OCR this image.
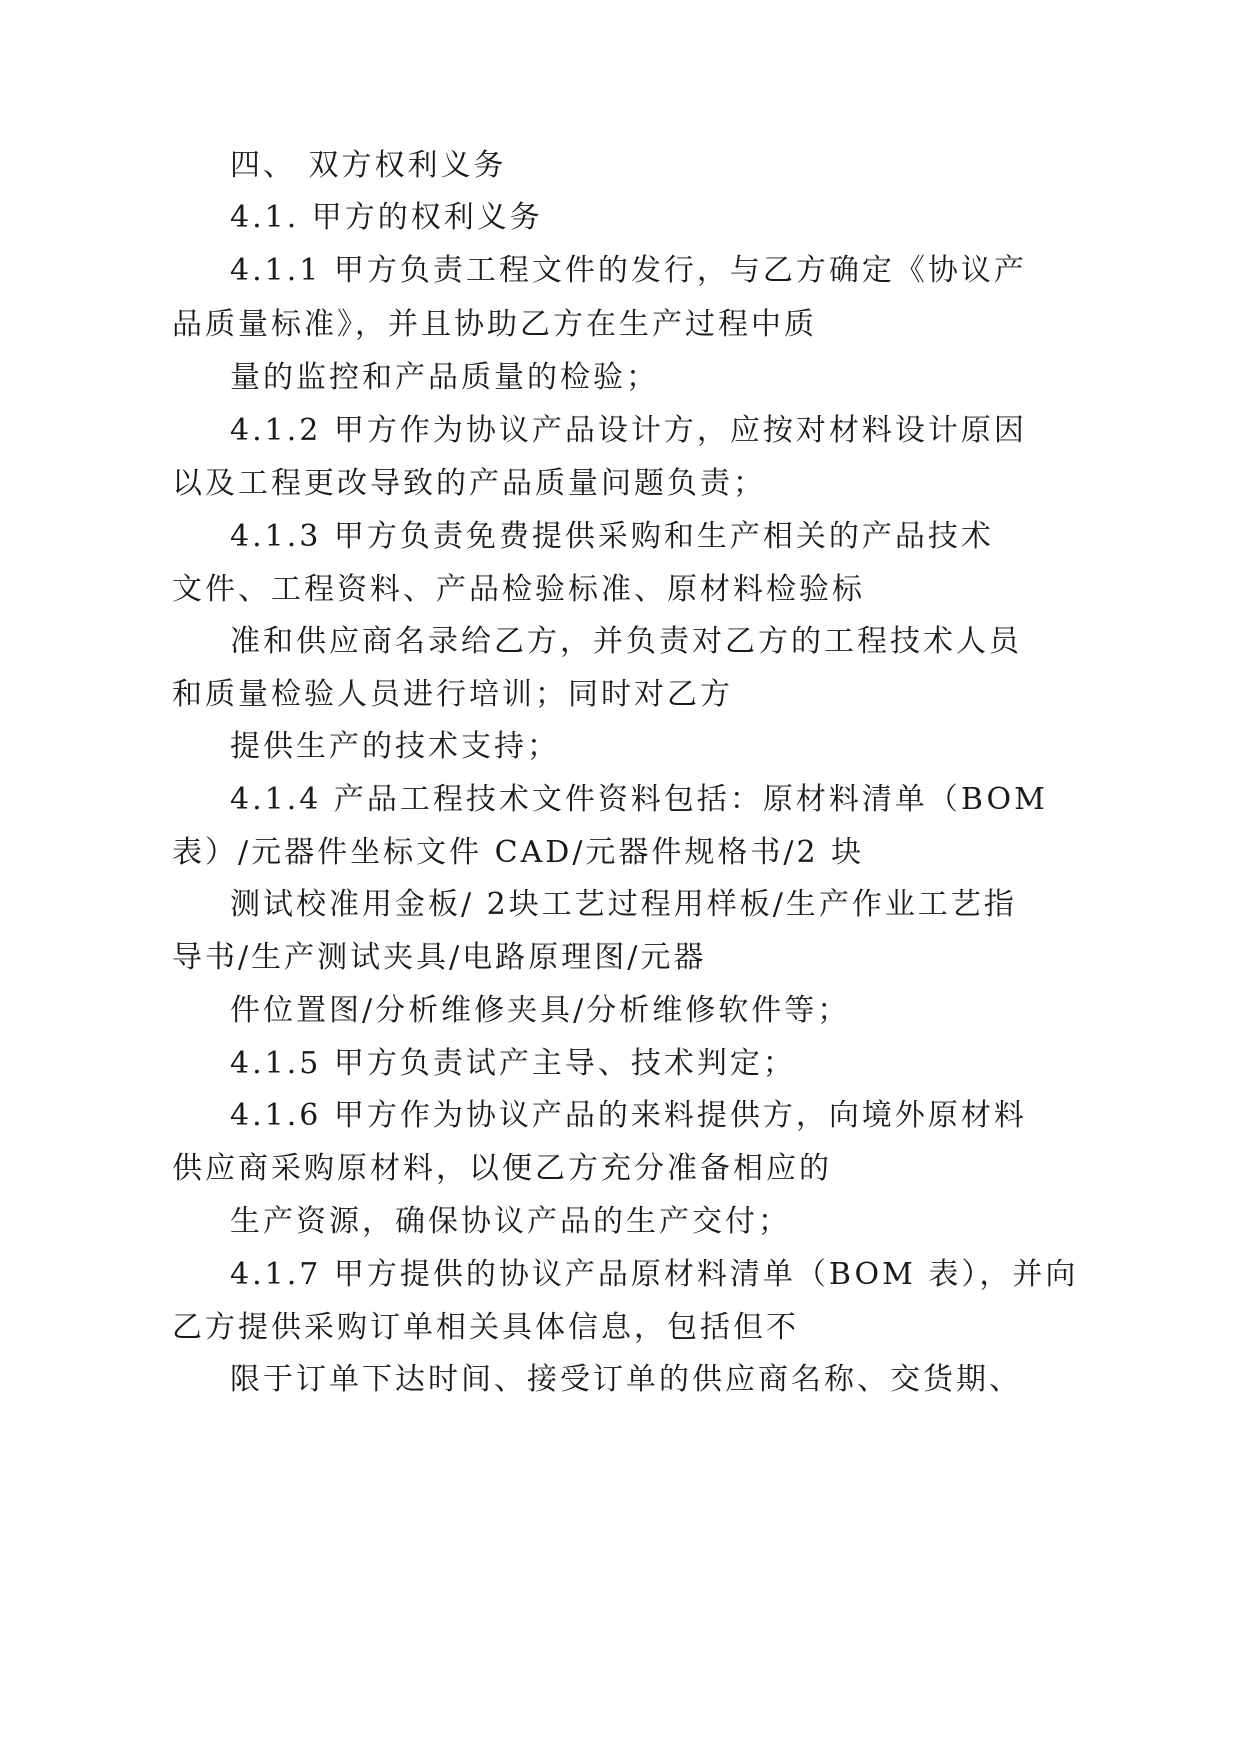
四、 双方权利义务

4.1. 甲方的权利义务

4.1.1 甲方负责工程文件的发行，与乙方确定《协议产

品质量标准》，并且协助乙方在生产过程中质

量的监控和产品质量的检验；

4.1.2 甲方作为协议产品设计方，应按对材料设计原因

以及工程更改导致的产品质量问题负责；

4.1.3 甲方负责免费提供采购和生产相关的产品技术

文件、工程资料、产品检验标准、原材料检验标

准和供应商名录给乙方，并负责对乙方的工程技术人员

和质量检验人员进行培训；同时对乙方

提供生产的技术支持；

4.1.4 产品工程技术文件资料包括：原材料清单（BOM

表）/元器件坐标文件 CAD/元器件规格书/2 块

测试校准用金板/ 2块工艺过程用样板/生产作业工艺指

导书/生产测试夹具/电路原理图/元器

件位置图/分析维修夹具/分析维修软件等；

4.1.5 甲方负责试产主导、技术判定；

4.1.6 甲方作为协议产品的来料提供方，向境外原材料

供应商采购原材料，以便乙方充分准备相应的

生产资源，确保协议产品的生产交付；

4.1.7 甲方提供的协议产品原材料清单（BOM 表），并向

乙方提供采购订单相关具体信息，包括但不

限于订单下达时间、接受订单的供应商名称、交货期、
